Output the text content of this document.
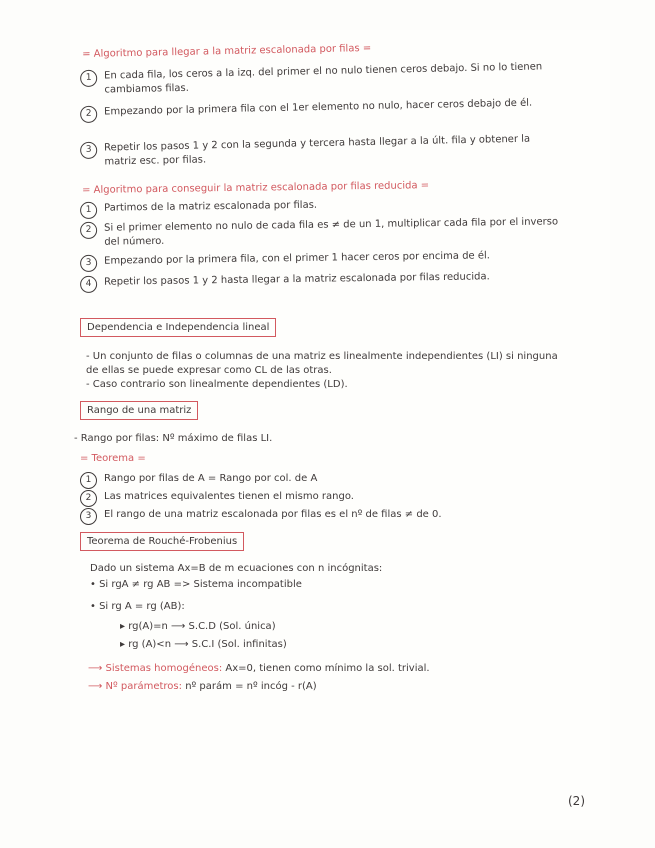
= Algoritmo para llegar a la matriz escalonada por filas =
1	En cada fila, los ceros a la izq. del primer el no nulo tienen ceros debajo. Si no lo tienen cambiamos filas.
2	Empezando por la primera fila con el 1er elemento no nulo, hacer ceros debajo de él.
3	Repetir los pasos 1 y 2 con la segunda y tercera hasta llegar a la últ. fila y obtener la matriz esc. por filas.
= Algoritmo para conseguir la matriz escalonada por filas reducida =
1	Partimos de la matriz escalonada por filas.
2	Si el primer elemento no nulo de cada fila es ≠ de un 1, multiplicar cada fila por el inverso del número.
3	Empezando por la primera fila, con el primer 1 hacer ceros por encima de él.
4	Repetir los pasos 1 y 2 hasta llegar a la matriz escalonada por filas reducida.
Dependencia e Independencia lineal
- Un conjunto de filas o columnas de una matriz es linealmente independientes (LI) si ninguna de ellas se puede expresar como CL de las otras.
- Caso contrario son linealmente dependientes (LD).
Rango de una matriz
- Rango por filas: Nº máximo de filas LI.
= Teorema =
1	Rango por filas de A = Rango por col. de A
2	Las matrices equivalentes tienen el mismo rango.
3	El rango de una matriz escalonada por filas es el nº de filas ≠ de 0.
Teorema de Rouché-Frobenius
Dado un sistema Ax=B de m ecuaciones con n incógnitas:
• Si rgA ≠ rg AB => Sistema incompatible
• Si rg A = rg (AB):
▸ rg(A)=n ⟶ S.C.D (Sol. única)
▸ rg (A)<n ⟶ S.C.I (Sol. infinitas)
⟶ Sistemas homogéneos: Ax=0, tienen como mínimo la sol. trivial.
⟶ Nº parámetros: nº parám = nº incóg - r(A)
(2)
